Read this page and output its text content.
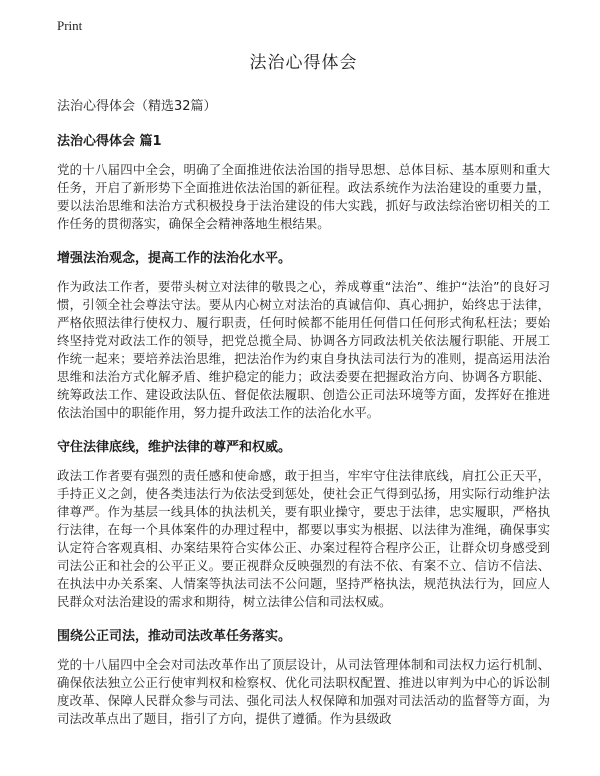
Print
法治心得体会

法治心得体会（精选32篇）

法治心得体会 篇1

党的十八届四中全会，明确了全面推进依法治国的指导思想、总体目标、基本原则和重大任务，开启了新形势下全面推进依法治国的新征程。政法系统作为法治建设的重要力量，要以法治思维和法治方式积极投身于法治建设的伟大实践，抓好与政法综治密切相关的工作任务的贯彻落实，确保全会精神落地生根结果。

增强法治观念，提高工作的法治化水平。

作为政法工作者，要带头树立对法律的敬畏之心，养成尊重“法治”、维护“法治”的良好习惯，引领全社会尊法守法。要从内心树立对法治的真诚信仰、真心拥护，始终忠于法律，严格依照法律行使权力、履行职责，任何时候都不能用任何借口任何形式徇私枉法；要始终坚持党对政法工作的领导，把党总揽全局、协调各方同政法机关依法履行职能、开展工作统一起来；要培养法治思维，把法治作为约束自身执法司法行为的准则，提高运用法治思维和法治方式化解矛盾、维护稳定的能力；政法委要在把握政治方向、协调各方职能、统筹政法工作、建设政法队伍、督促依法履职、创造公正司法环境等方面，发挥好在推进依法治国中的职能作用，努力提升政法工作的法治化水平。

守住法律底线，维护法律的尊严和权威。

政法工作者要有强烈的责任感和使命感，敢于担当，牢牢守住法律底线，肩扛公正天平，手持正义之剑，使各类违法行为依法受到惩处，使社会正气得到弘扬，用实际行动维护法律尊严。作为基层一线具体的执法机关，要有职业操守，要忠于法律，忠实履职，严格执行法律，在每一个具体案件的办理过程中，都要以事实为根据、以法律为准绳，确保事实认定符合客观真相、办案结果符合实体公正、办案过程符合程序公正，让群众切身感受到司法公正和社会的公平正义。要正视群众反映强烈的有法不依、有案不立、信访不信法、在执法中办关系案、人情案等执法司法不公问题，坚持严格执法，规范执法行为，回应人民群众对法治建设的需求和期待，树立法律公信和司法权威。

围绕公正司法，推动司法改革任务落实。

党的十八届四中全会对司法改革作出了顶层设计，从司法管理体制和司法权力运行机制、确保依法独立公正行使审判权和检察权、优化司法职权配置、推进以审判为中心的诉讼制度改革、保障人民群众参与司法、强化司法人权保障和加强对司法活动的监督等方面，为司法改革点出了题目，指引了方向，提供了遵循。作为县级政
